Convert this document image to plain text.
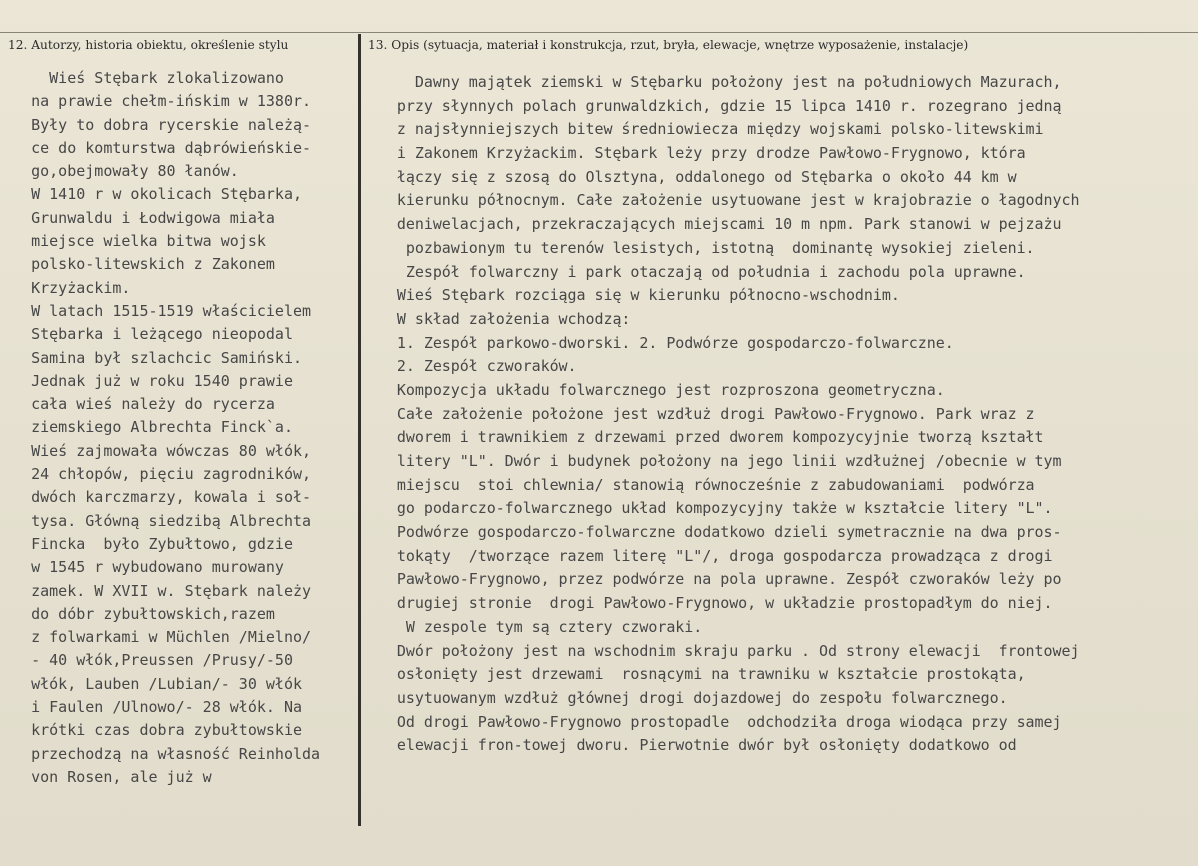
12. Autorzy, historia obiektu, określenie stylu	13. Opis (sytuacja, materiał i konstrukcja, rzut, bryła, elewacje, wnętrze wyposażenie, instalacje)
Wieś Stębark zlokalizowano
na prawie chełm-ińskim w 1380r.
Były to dobra rycerskie należą-
ce do komturstwa dąbrówieńskie-
go,obejmowały 80 łanów.
W 1410 r w okolicach Stębarka,
Grunwaldu i Łodwigowa miała
miejsce wielka bitwa wojsk
polsko-litewskich z Zakonem
Krzyżackim.
W latach 1515-1519 właścicielem
Stębarka i leżącego nieopodal
Samina był szlachcic Samiński.
Jednak już w roku 1540 prawie
cała wieś należy do rycerza
ziemskiego Albrechta Finck`a.
Wieś zajmowała wówczas 80 włók,
24 chłopów, pięciu zagrodników,
dwóch karczmarzy, kowala i soł-
tysa. Główną siedzibą Albrechta
Fincka  było Zybułtowo, gdzie
w 1545 r wybudowano murowany
zamek. W XVII w. Stębark należy
do dóbr zybułtowskich,razem
z folwarkami w Müchlen /Mielno/
- 40 włók,Preussen /Prusy/-50
włók, Lauben /Lubian/- 30 włók
i Faulen /Ulnowo/- 28 włók. Na
krótki czas dobra zybułtowskie
przechodzą na własność Reinholda
von Rosen, ale już w
Dawny majątek ziemski w Stębarku położony jest na południowych Mazurach,
przy słynnych polach grunwaldzkich, gdzie 15 lipca 1410 r. rozegrano jedną
z najsłynniejszych bitew średniowiecza między wojskami polsko-litewskimi
i Zakonem Krzyżackim. Stębark leży przy drodze Pawłowo-Frygnowo, która
łączy się z szosą do Olsztyna, oddalonego od Stębarka o około 44 km w
kierunku północnym. Całe założenie usytuowane jest w krajobrazie o łagodnych
deniwelacjach, przekraczających miejscami 10 m npm. Park stanowi w pejzażu
pozbawionym tu terenów lesistych, istotną  dominantę wysokiej zieleni.
Zespół folwarczny i park otaczają od południa i zachodu pola uprawne.
Wieś Stębark rozciąga się w kierunku północno-wschodnim.
W skład założenia wchodzą:
1. Zespół parkowo-dworski. 2. Podwórze gospodarczo-folwarczne.
2. Zespół czworaków.
Kompozycja układu folwarcznego jest rozproszona geometryczna.
Całe założenie położone jest wzdłuż drogi Pawłowo-Frygnowo. Park wraz z
dworem i trawnikiem z drzewami przed dworem kompozycyjnie tworzą kształt
litery "L". Dwór i budynek położony na jego linii wzdłużnej /obecnie w tym
miejscu  stoi chlewnia/ stanowią równocześnie z zabudowaniami  podwórza
go podarczo-folwarcznego układ kompozycyjny także w kształcie litery "L".
Podwórze gospodarczo-folwarczne dodatkowo dzieli symetracznie na dwa pros-
tokąty  /tworzące razem literę "L"/, droga gospodarcza prowadząca z drogi
Pawłowo-Frygnowo, przez podwórze na pola uprawne. Zespół czworaków leży po
drugiej stronie  drogi Pawłowo-Frygnowo, w układzie prostopadłym do niej.
W zespole tym są cztery czworaki.
Dwór położony jest na wschodnim skraju parku . Od strony elewacji  frontowej
osłonięty jest drzewami  rosnącymi na trawniku w kształcie prostokąta,
usytuowanym wzdłuż głównej drogi dojazdowej do zespołu folwarcznego.
Od drogi Pawłowo-Frygnowo prostopadle  odchodziła droga wiodąca przy samej
elewacji fron-towej dworu. Pierwotnie dwór był osłonięty dodatkowo od
